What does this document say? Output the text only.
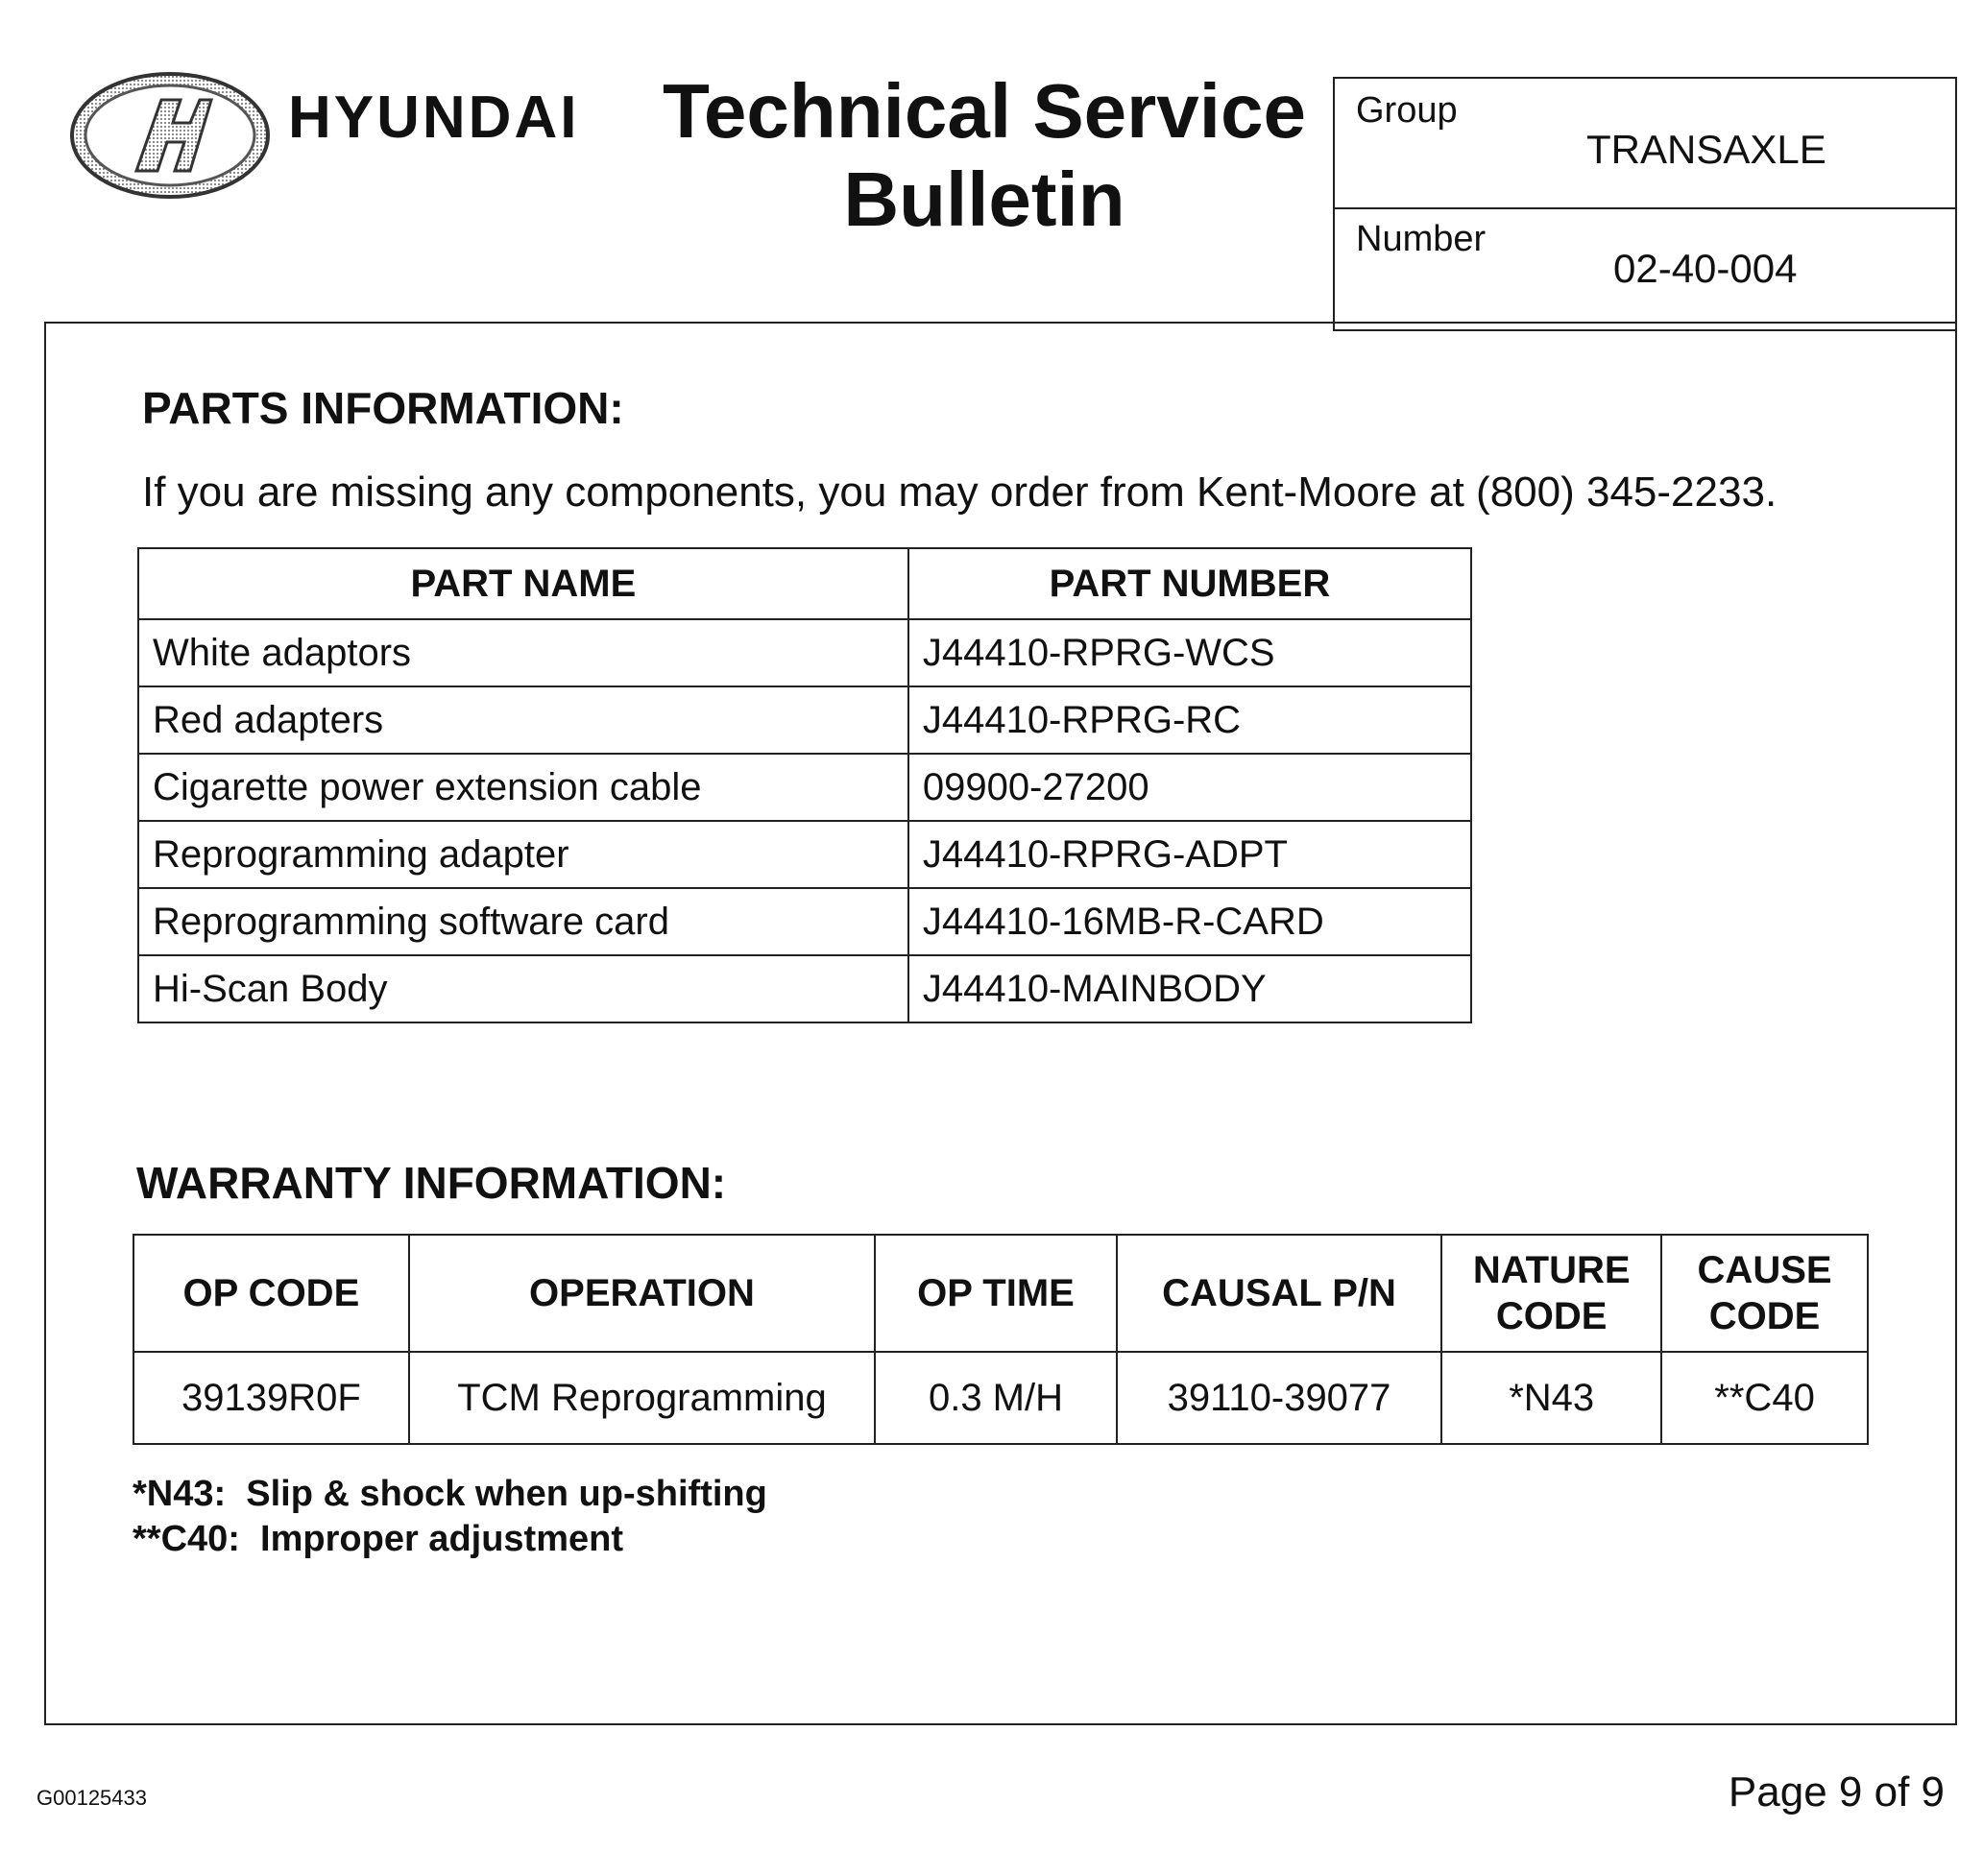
HYUNDAI Technical Service
Bulletin
Group
TRANSAXLE
Number
02-40-004
PARTS INFORMATION:
If you are missing any components, you may order from Kent-Moore at (800) 345-2233.
PART NAME	PART NUMBER
White adaptors	J44410-RPRG-WCS
Red adapters	J44410-RPRG-RC
Cigarette power extension cable	09900-27200
Reprogramming adapter	J44410-RPRG-ADPT
Reprogramming software card	J44410-16MB-R-CARD
Hi-Scan Body	J44410-MAINBODY
WARRANTY INFORMATION:
OP CODE	OPERATION	OP TIME	CAUSAL P/N	NATURE CODE	CAUSE CODE
39139R0F	TCM Reprogramming	0.3 M/H	39110-39077	*N43	**C40
*N43:  Slip & shock when up-shifting
**C40:  Improper adjustment
G00125433	Page 9 of 9
